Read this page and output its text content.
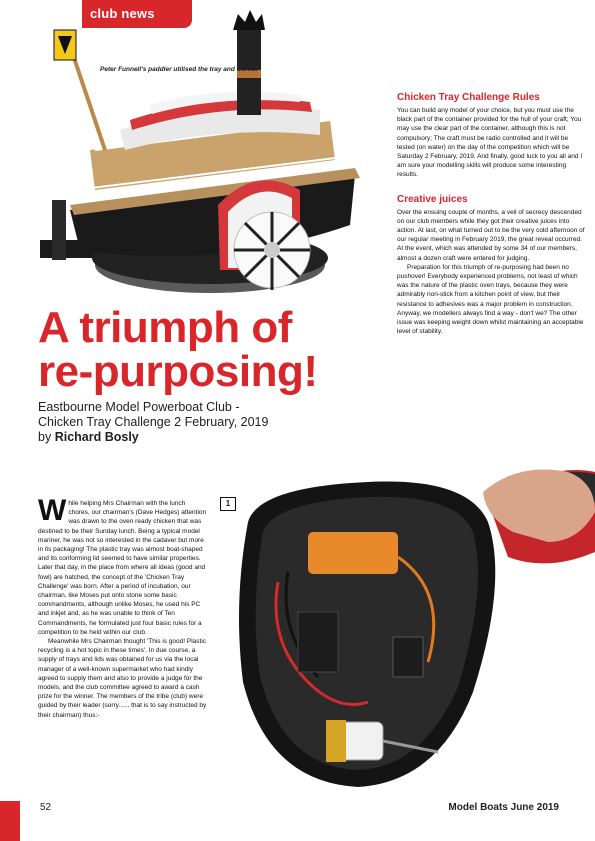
Peter Funnell's paddler utilised the tray and the lid.
club news
Chicken Tray Challenge Rules

You can build any model of your choice, but you must use the black part of the container provided for the hull of your craft; You may use the clear part of the container, although this is not compulsory; The craft must be radio controlled and it will be tested (on water) on the day of the competition which will be Saturday 2 February, 2019. And finally, good luck to you all and I am sure your modelling skills will produce some interesting results.

Creative juices

Over the ensuing couple of months, a veil of secrecy descended on our club members while they got their creative juices into action. At last, on what turned out to be the very cold afternoon of our regular meeting in February 2019, the great reveal occurred. At the event, which was attended by some 34 of our members, almost a dozen craft were entered for judging.

Preparation for this triumph of re-purposing had been no pushover! Everybody experienced problems, not least of which was the nature of the plastic oven trays, because they were admirably non-stick from a kitchen point of view, but their resistance to adhesives was a major problem in construction. Anyway, we modellers always find a way - don't we? The other issue was keeping weight down whilst maintaining an acceptable level of stability.

A triumph of
re-purposing!
Eastbourne Model Powerboat Club -
Chicken Tray Challenge 2 February, 2019
by Richard Bosly

While helping Mrs Chairman with the lunch chores, our chairman's (Dave Hedges) attention was drawn to the oven ready chicken that was destined to be their Sunday lunch. Being a typical model mariner, he was not so interested in the cadaver but more in its packaging! The plastic tray was almost boat-shaped and its conforming lid seemed to have similar properties. Later that day, in the place from where all ideas (good and fowl) are hatched, the concept of the 'Chicken Tray Challenge' was born. After a period of incubation, our chairman, like Moses put onto stone some basic commandments, although unlike Moses, he used his PC and inkjet and, as he was unable to think of Ten Commandments, he formulated just four basic rules for a competition to be held within our club.

Meanwhile Mrs Chairman thought 'This is good! Plastic recycling is a hot topic in these times'. In due course, a supply of trays and lids was obtained for us via the local manager of a well-known supermarket who had kindly agreed to supply them and also to provide a judge for the models, and the club committee agreed to award a cash prize for the winner. The members of the tribe (club) were guided by their leader (sorry...... that is to say instructed by their chairman) thus:-

1
1: Peter E's economical and efficient speedboat workings.
52	Model Boats June 2019
